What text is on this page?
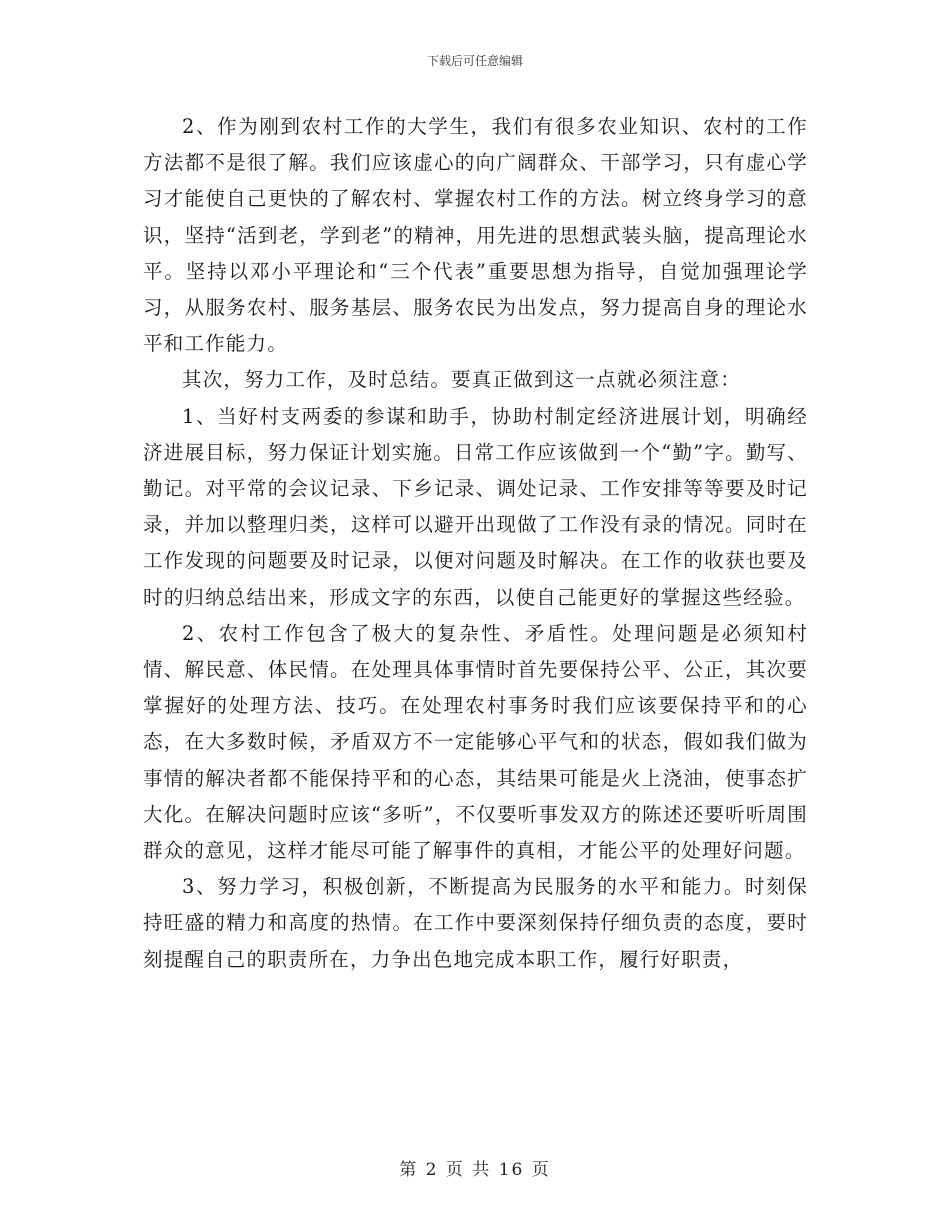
下载后可任意编辑

2、作为刚到农村工作的大学生，我们有很多农业知识、农村的工作方法都不是很了解。我们应该虚心的向广阔群众、干部学习，只有虚心学习才能使自己更快的了解农村、掌握农村工作的方法。树立终身学习的意识，坚持“活到老，学到老”的精神，用先进的思想武装头脑，提高理论水平。坚持以邓小平理论和“三个代表”重要思想为指导，自觉加强理论学习，从服务农村、服务基层、服务农民为出发点，努力提高自身的理论水平和工作能力。

其次，努力工作，及时总结。要真正做到这一点就必须注意：

1、当好村支两委的参谋和助手，协助村制定经济进展计划，明确经济进展目标，努力保证计划实施。日常工作应该做到一个“勤”字。勤写、勤记。对平常的会议记录、下乡记录、调处记录、工作安排等等要及时记录，并加以整理归类，这样可以避开出现做了工作没有录的情况。同时在工作发现的问题要及时记录，以便对问题及时解决。在工作的收获也要及时的归纳总结出来，形成文字的东西，以使自己能更好的掌握这些经验。

2、农村工作包含了极大的复杂性、矛盾性。处理问题是必须知村情、解民意、体民情。在处理具体事情时首先要保持公平、公正，其次要掌握好的处理方法、技巧。在处理农村事务时我们应该要保持平和的心态，在大多数时候，矛盾双方不一定能够心平气和的状态，假如我们做为事情的解决者都不能保持平和的心态，其结果可能是火上浇油，使事态扩大化。在解决问题时应该“多听”，不仅要听事发双方的陈述还要听听周围群众的意见，这样才能尽可能了解事件的真相，才能公平的处理好问题。

3、努力学习，积极创新，不断提高为民服务的水平和能力。时刻保持旺盛的精力和高度的热情。在工作中要深刻保持仔细负责的态度，要时刻提醒自己的职责所在，力争出色地完成本职工作，履行好职责，

第 2 页 共 16 页
